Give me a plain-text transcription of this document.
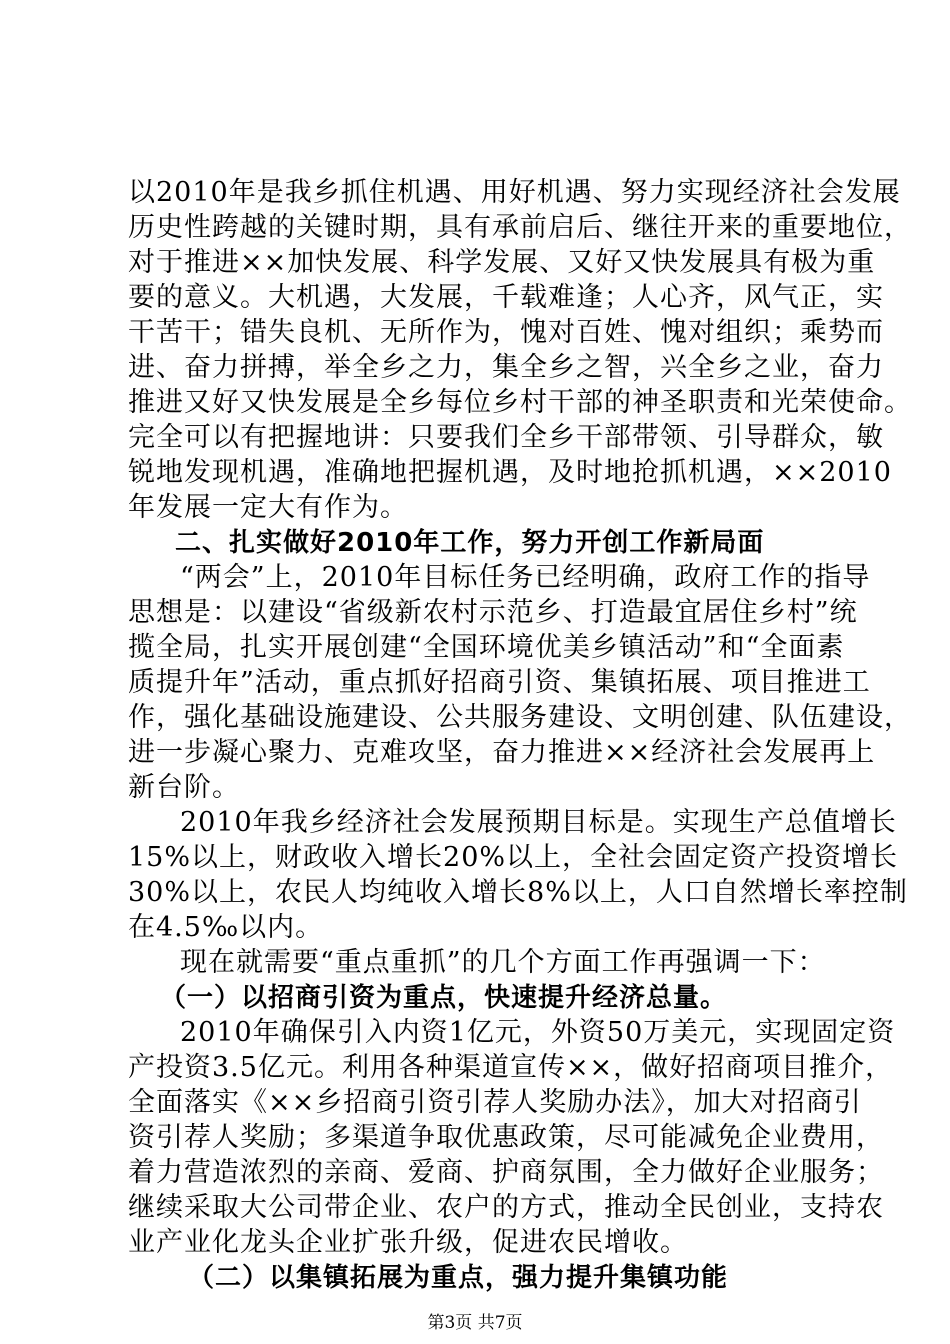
以2010年是我乡抓住机遇、用好机遇、努力实现经济社会发展
历史性跨越的关键时期，具有承前启后、继往开来的重要地位，
对于推进××加快发展、科学发展、又好又快发展具有极为重
要的意义。大机遇，大发展，千载难逢；人心齐，风气正，实
干苦干；错失良机、无所作为，愧对百姓、愧对组织；乘势而
进、奋力拼搏，举全乡之力，集全乡之智，兴全乡之业，奋力
推进又好又快发展是全乡每位乡村干部的神圣职责和光荣使命。
完全可以有把握地讲：只要我们全乡干部带领、引导群众，敏
锐地发现机遇，准确地把握机遇，及时地抢抓机遇，××2010
年发展一定大有作为。
二、扎实做好2010年工作，努力开创工作新局面
“两会”上，2010年目标任务已经明确，政府工作的指导
思想是：以建设“省级新农村示范乡、打造最宜居住乡村”统
揽全局，扎实开展创建“全国环境优美乡镇活动”和“全面素
质提升年”活动，重点抓好招商引资、集镇拓展、项目推进工
作，强化基础设施建设、公共服务建设、文明创建、队伍建设，
进一步凝心聚力、克难攻坚，奋力推进××经济社会发展再上
新台阶。
2010年我乡经济社会发展预期目标是。实现生产总值增长
15%以上，财政收入增长20%以上，全社会固定资产投资增长
30%以上，农民人均纯收入增长8%以上，人口自然增长率控制
在4.5‰以内。
现在就需要“重点重抓”的几个方面工作再强调一下：
（一）以招商引资为重点，快速提升经济总量。
2010年确保引入内资1亿元，外资50万美元，实现固定资
产投资3.5亿元。利用各种渠道宣传××，做好招商项目推介，
全面落实《××乡招商引资引荐人奖励办法》，加大对招商引
资引荐人奖励；多渠道争取优惠政策，尽可能减免企业费用，
着力营造浓烈的亲商、爱商、护商氛围，全力做好企业服务；
继续采取大公司带企业、农户的方式，推动全民创业，支持农
业产业化龙头企业扩张升级，促进农民增收。
（二）以集镇拓展为重点，强力提升集镇功能
第3页 共7页
